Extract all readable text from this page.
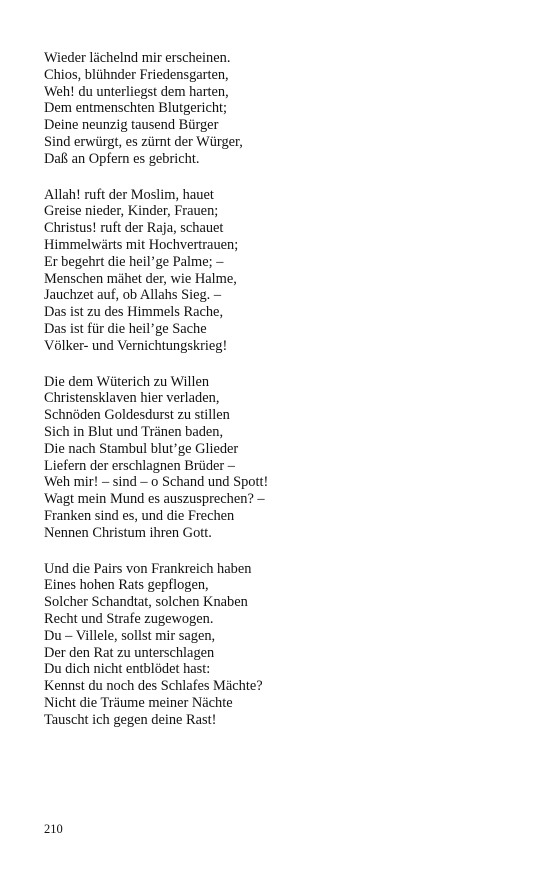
Wieder lächelnd mir erscheinen.
Chios, blühnder Friedensgarten,
Weh! du unterliegst dem harten,
Dem entmenschten Blutgericht;
Deine neunzig tausend Bürger
Sind erwürgt, es zürnt der Würger,
Daß an Opfern es gebricht.
Allah! ruft der Moslim, hauet
Greise nieder, Kinder, Frauen;
Christus! ruft der Raja, schauet
Himmelwärts mit Hochvertrauen;
Er begehrt die heil’ge Palme; –
Menschen mähet der, wie Halme,
Jauchzet auf, ob Allahs Sieg. –
Das ist zu des Himmels Rache,
Das ist für die heil’ge Sache
Völker- und Vernichtungskrieg!
Die dem Wüterich zu Willen
Christensklaven hier verladen,
Schnöden Goldesdurst zu stillen
Sich in Blut und Tränen baden,
Die nach Stambul blut’ge Glieder
Liefern der erschlagnen Brüder –
Weh mir! – sind – o Schand und Spott!
Wagt mein Mund es auszusprechen? –
Franken sind es, und die Frechen
Nennen Christum ihren Gott.
Und die Pairs von Frankreich haben
Eines hohen Rats gepflogen,
Solcher Schandtat, solchen Knaben
Recht und Strafe zugewogen.
Du – Villele, sollst mir sagen,
Der den Rat zu unterschlagen
Du dich nicht entblödet hast:
Kennst du noch des Schlafes Mächte?
Nicht die Träume meiner Nächte
Tauscht ich gegen deine Rast!
210
